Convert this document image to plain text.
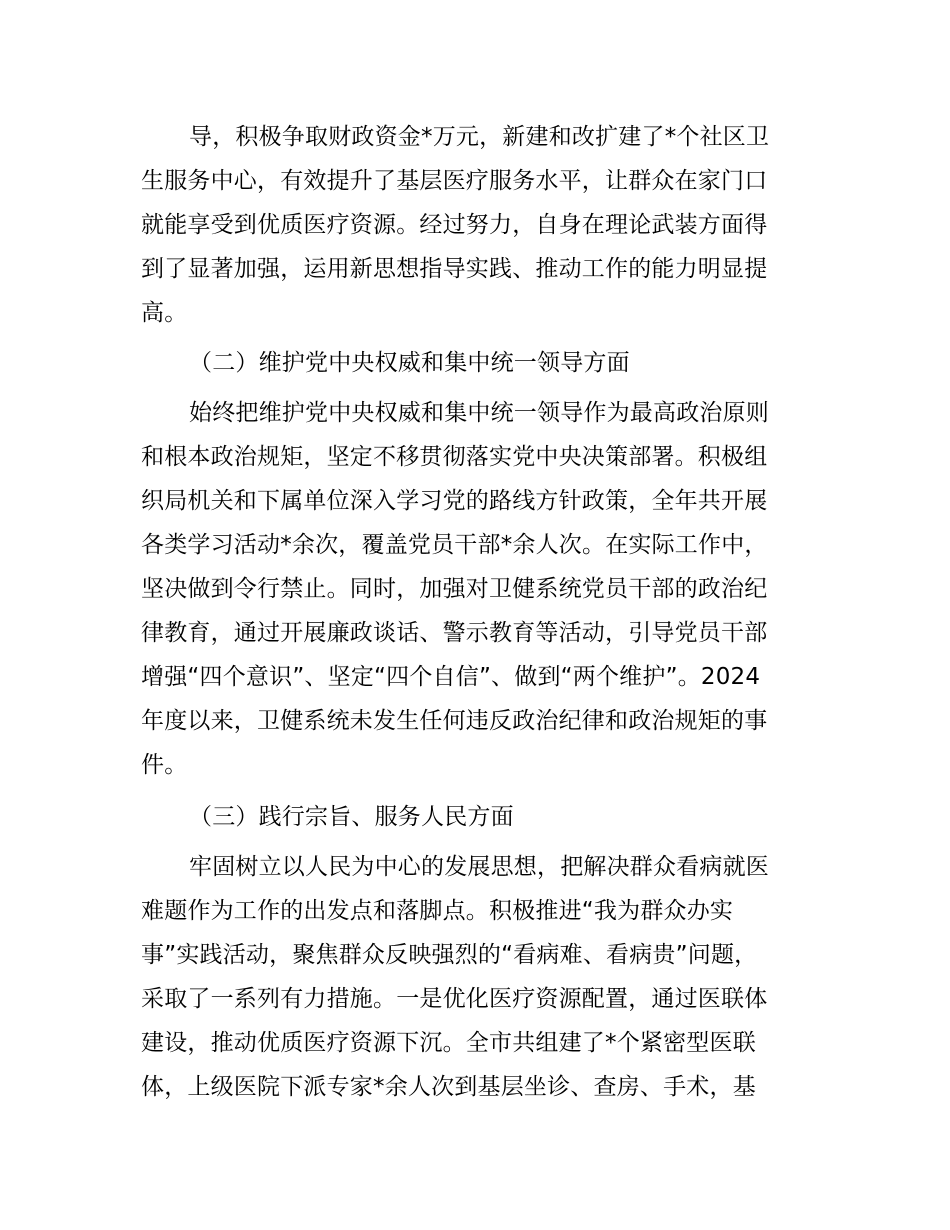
导，积极争取财政资金*万元，新建和改扩建了*个社区卫
生服务中心，有效提升了基层医疗服务水平，让群众在家门口
就能享受到优质医疗资源。经过努力，自身在理论武装方面得
到了显著加强，运用新思想指导实践、推动工作的能力明显提
高。
（二）维护党中央权威和集中统一领导方面
始终把维护党中央权威和集中统一领导作为最高政治原则
和根本政治规矩，坚定不移贯彻落实党中央决策部署。积极组
织局机关和下属单位深入学习党的路线方针政策，全年共开展
各类学习活动*余次，覆盖党员干部*余人次。在实际工作中，
坚决做到令行禁止。同时，加强对卫健系统党员干部的政治纪
律教育，通过开展廉政谈话、警示教育等活动，引导党员干部
增强“四个意识”、坚定“四个自信”、做到“两个维护”。2024
年度以来，卫健系统未发生任何违反政治纪律和政治规矩的事
件。
（三）践行宗旨、服务人民方面
牢固树立以人民为中心的发展思想，把解决群众看病就医
难题作为工作的出发点和落脚点。积极推进“我为群众办实
事”实践活动，聚焦群众反映强烈的“看病难、看病贵”问题，
采取了一系列有力措施。一是优化医疗资源配置，通过医联体
建设，推动优质医疗资源下沉。全市共组建了*个紧密型医联
体，上级医院下派专家*余人次到基层坐诊、查房、手术，基
